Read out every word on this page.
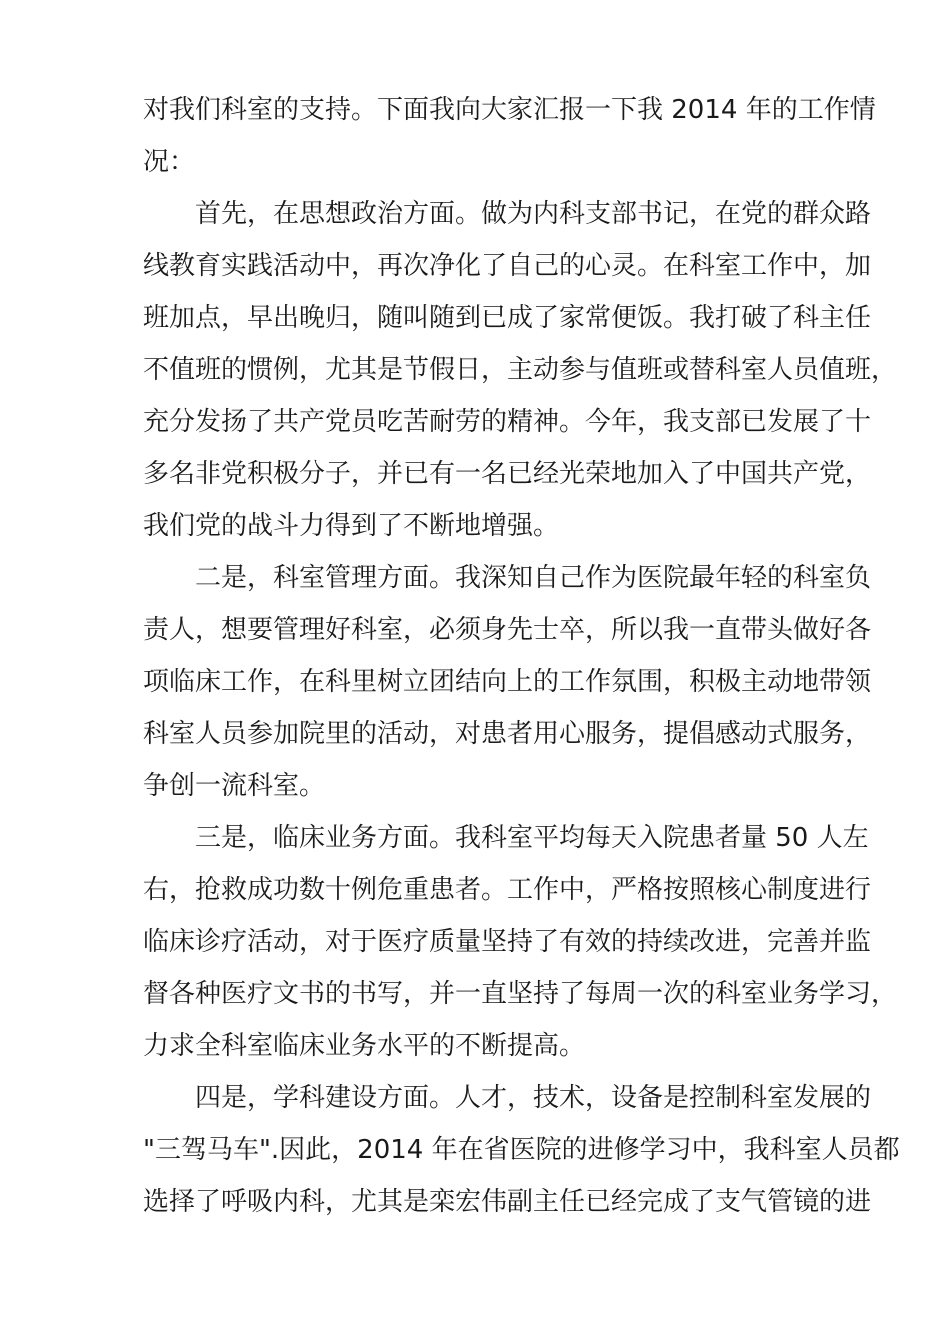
对我们科室的支持。下面我向大家汇报一下我 2014 年的工作情
况：
首先，在思想政治方面。做为内科支部书记，在党的群众路
线教育实践活动中，再次净化了自己的心灵。在科室工作中，加
班加点，早出晚归，随叫随到已成了家常便饭。我打破了科主任
不值班的惯例，尤其是节假日，主动参与值班或替科室人员值班，
充分发扬了共产党员吃苦耐劳的精神。今年，我支部已发展了十
多名非党积极分子，并已有一名已经光荣地加入了中国共产党，
我们党的战斗力得到了不断地增强。
二是，科室管理方面。我深知自己作为医院最年轻的科室负
责人，想要管理好科室，必须身先士卒，所以我一直带头做好各
项临床工作，在科里树立团结向上的工作氛围，积极主动地带领
科室人员参加院里的活动，对患者用心服务，提倡感动式服务，
争创一流科室。
三是，临床业务方面。我科室平均每天入院患者量 50 人左
右，抢救成功数十例危重患者。工作中，严格按照核心制度进行
临床诊疗活动，对于医疗质量坚持了有效的持续改进，完善并监
督各种医疗文书的书写，并一直坚持了每周一次的科室业务学习，
力求全科室临床业务水平的不断提高。
四是，学科建设方面。人才，技术，设备是控制科室发展的
"三驾马车".因此，2014 年在省医院的进修学习中，我科室人员都
选择了呼吸内科，尤其是栾宏伟副主任已经完成了支气管镜的进
